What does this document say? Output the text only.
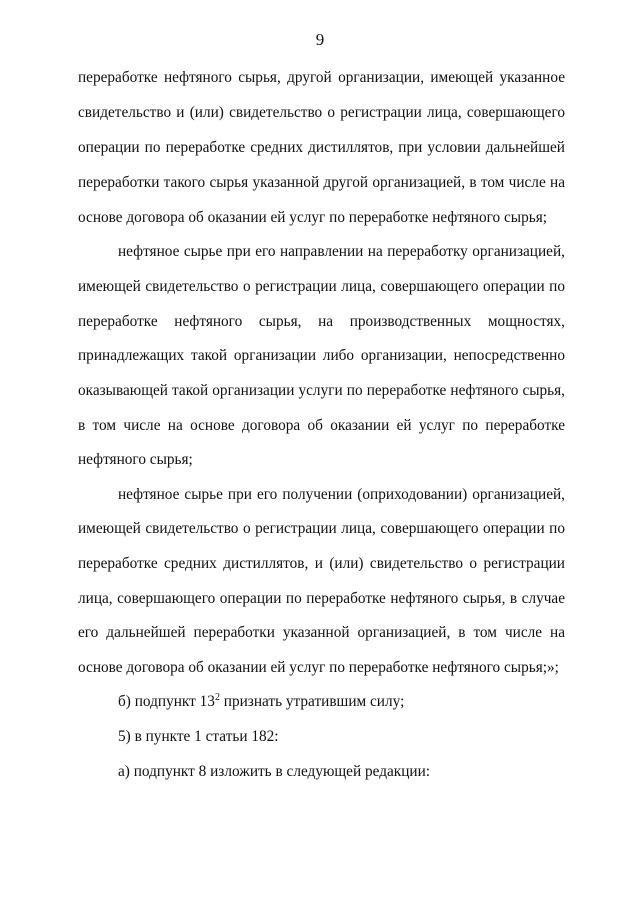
9
переработке нефтяного сырья, другой организации, имеющей указанное
свидетельство и (или) свидетельство о регистрации лица, совершающего
операции по переработке средних дистиллятов, при условии дальнейшей
переработки такого сырья указанной другой организацией, в том числе на
основе договора об оказании ей услуг по переработке нефтяного сырья;
нефтяное сырье при его направлении на переработку организацией,
имеющей свидетельство о регистрации лица, совершающего операции по
переработке нефтяного сырья, на производственных мощностях,
принадлежащих такой организации либо организации, непосредственно
оказывающей такой организации услуги по переработке нефтяного сырья,
в том числе на основе договора об оказании ей услуг по переработке
нефтяного сырья;
нефтяное сырье при его получении (оприходовании) организацией,
имеющей свидетельство о регистрации лица, совершающего операции по
переработке средних дистиллятов, и (или) свидетельство о регистрации
лица, совершающего операции по переработке нефтяного сырья, в случае
его дальнейшей переработки указанной организацией, в том числе на
основе договора об оказании ей услуг по переработке нефтяного сырья;»;
б) подпункт $13^2$ признать утратившим силу;
5) в пункте 1 статьи 182:
а) подпункт 8 изложить в следующей редакции:
